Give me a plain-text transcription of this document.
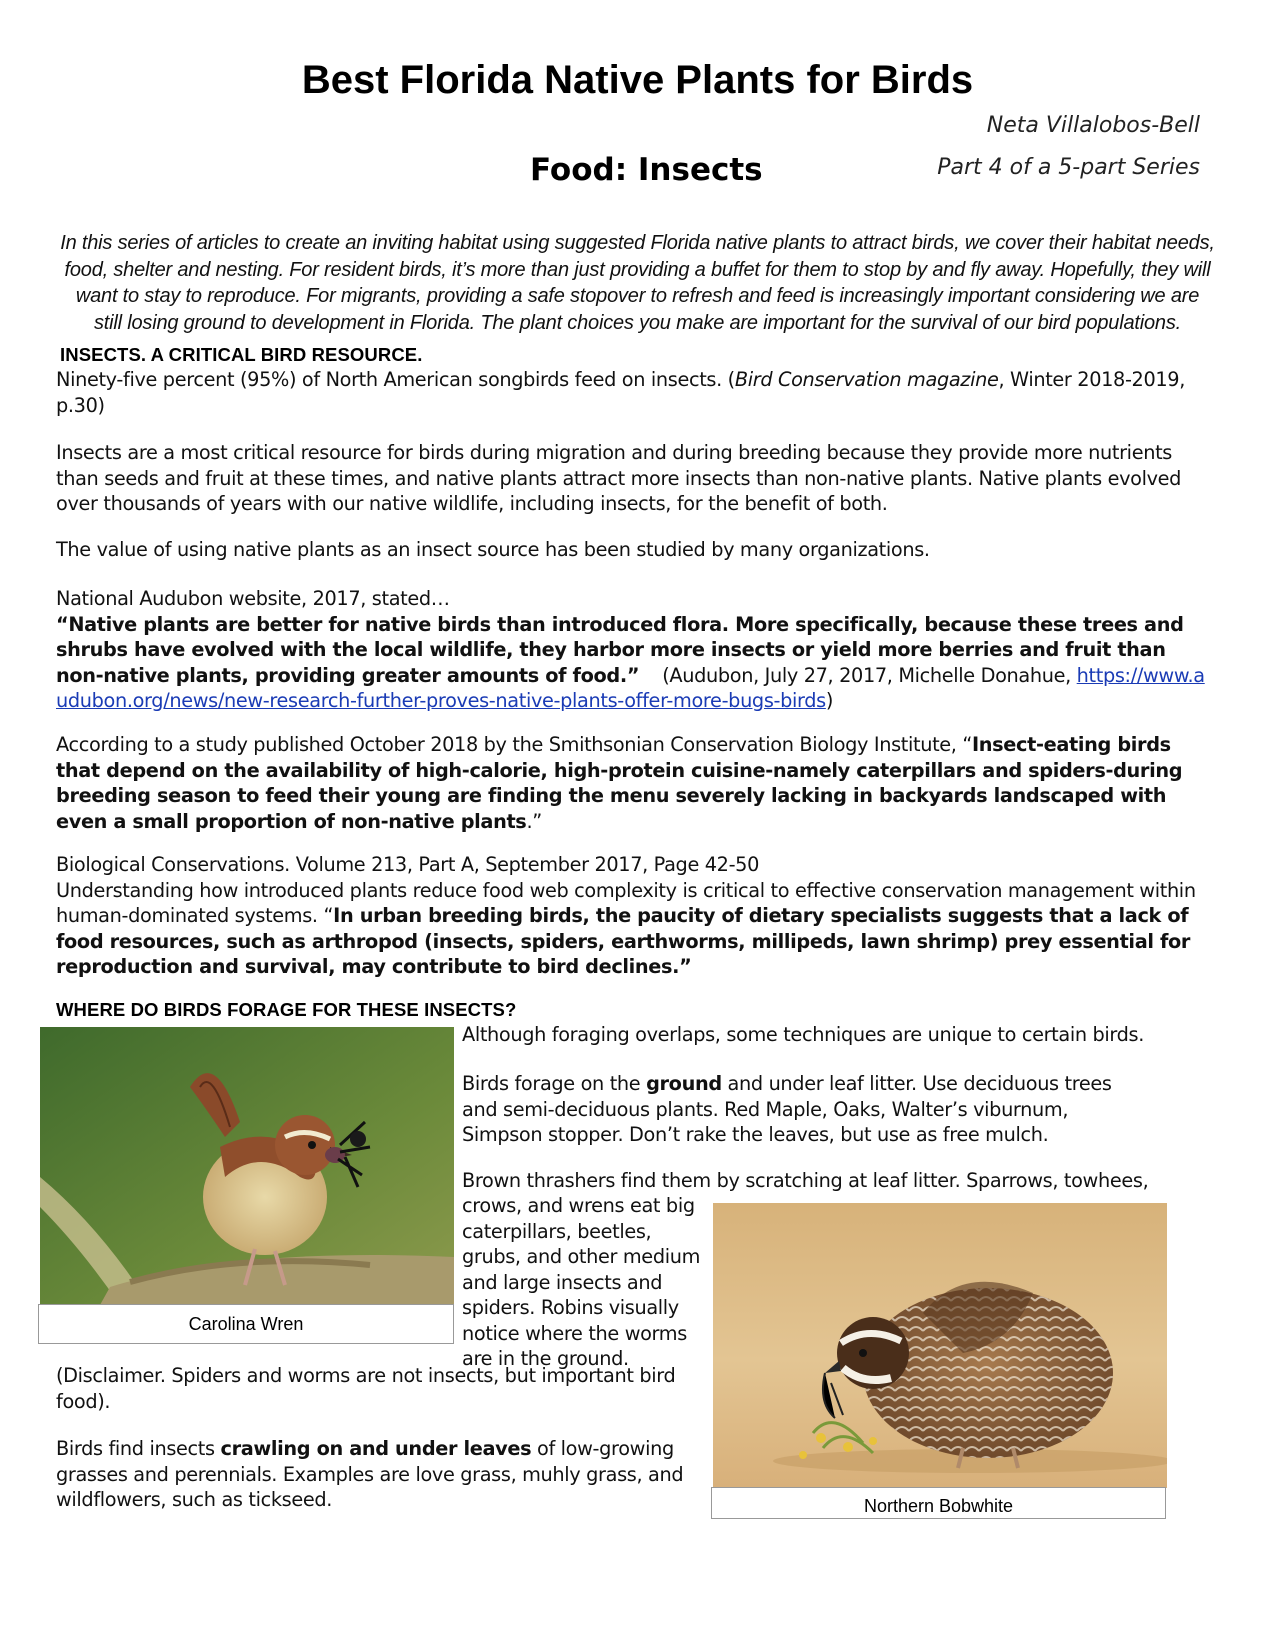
Best Florida Native Plants for Birds
Neta Villalobos-Bell
Food: Insects	Part 4 of a 5-part Series
In this series of articles to create an inviting habitat using suggested Florida native plants to attract birds, we cover their habitat needs, food, shelter and nesting. For resident birds, it’s more than just providing a buffet for them to stop by and fly away. Hopefully, they will want to stay to reproduce. For migrants, providing a safe stopover to refresh and feed is increasingly important considering we are still losing ground to development in Florida. The plant choices you make are important for the survival of our bird populations.
INSECTS. A CRITICAL BIRD RESOURCE.

Ninety-five percent (95%) of North American songbirds feed on insects. (Bird Conservation magazine, Winter 2018-2019, p.30)

Insects are a most critical resource for birds during migration and during breeding because they provide more nutrients than seeds and fruit at these times, and native plants attract more insects than non-native plants. Native plants evolved over thousands of years with our native wildlife, including insects, for the benefit of both.
The value of using native plants as an insect source has been studied by many organizations.

National Audubon website, 2017, stated…

“Native plants are better for native birds than introduced flora. More specifically, because these trees and shrubs have evolved with the local wildlife, they harbor more insects or yield more berries and fruit than non-native plants, providing greater amounts of food.”    (Audubon, July 27, 2017, Michelle Donahue, https://www.audubon.org/news/new-research-further-proves-native-plants-offer-more-bugs-birds)

According to a study published October 2018 by the Smithsonian Conservation Biology Institute, “Insect-eating birds that depend on the availability of high-calorie, high-protein cuisine-namely caterpillars and spiders-during breeding season to feed their young are finding the menu severely lacking in backyards landscaped with even a small proportion of non-native plants.”

Biological Conservations. Volume 213, Part A, September 2017, Page 42-50

Understanding how introduced plants reduce food web complexity is critical to effective conservation management within human-dominated systems. “In urban breeding birds, the paucity of dietary specialists suggests that a lack of food resources, such as arthropod (insects, spiders, earthworms, millipeds, lawn shrimp) prey essential for reproduction and survival, may contribute to bird declines.”

WHERE DO BIRDS FORAGE FOR THESE INSECTS?
Carolina Wren
Although foraging overlaps, some techniques are unique to certain birds.

Birds forage on the ground and under leaf litter. Use deciduous trees and semi-deciduous plants. Red Maple, Oaks, Walter’s viburnum, Simpson stopper. Don’t rake the leaves, but use as free mulch.

Brown thrashers find them by scratching at leaf litter. Sparrows, towhees,
crows, and wrens eat big caterpillars, beetles, grubs, and other medium and large insects and spiders. Robins visually notice where the worms are in the ground.
(Disclaimer. Spiders and worms are not insects, but important bird food).

Birds find insects crawling on and under leaves of low-growing grasses and perennials. Examples are love grass, muhly grass, and wildflowers, such as tickseed.	Northern Bobwhite
